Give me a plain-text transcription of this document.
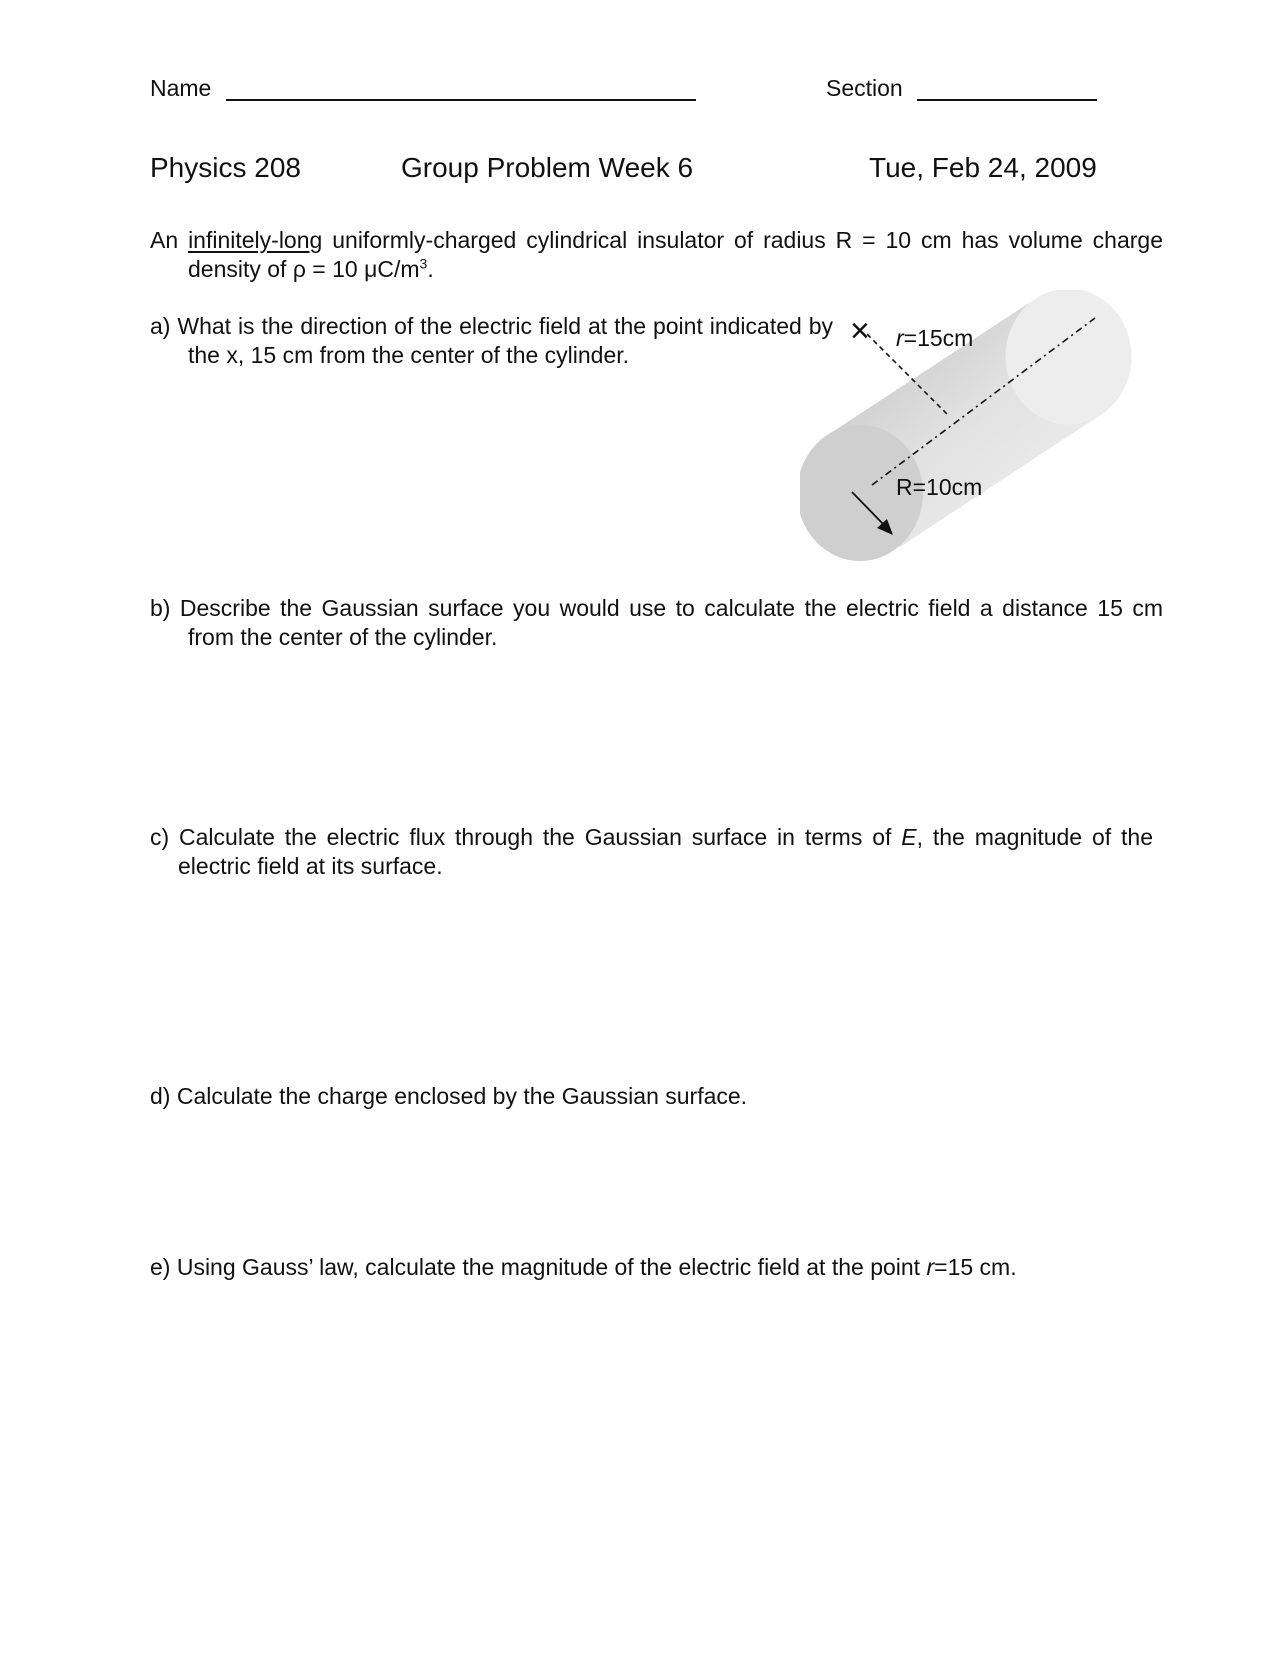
Name	Section
Physics 208	Group Problem Week 6	Tue, Feb 24, 2009
An infinitely-long uniformly-charged cylindrical insulator of radius R = 10 cm has volume charge density of ρ = 10 $\mu C/m^3$.
a) What is the direction of the electric field at the point indicated by the x, 15 cm from the center of the cylinder.
× r=15cm
R=10cm
b) Describe the Gaussian surface you would use to calculate the electric field a distance 15 cm from the center of the cylinder.
c) Calculate the electric flux through the Gaussian surface in terms of E, the magnitude of the electric field at its surface.
d) Calculate the charge enclosed by the Gaussian surface.
e) Using Gauss’ law, calculate the magnitude of the electric field at the point r=15 cm.
